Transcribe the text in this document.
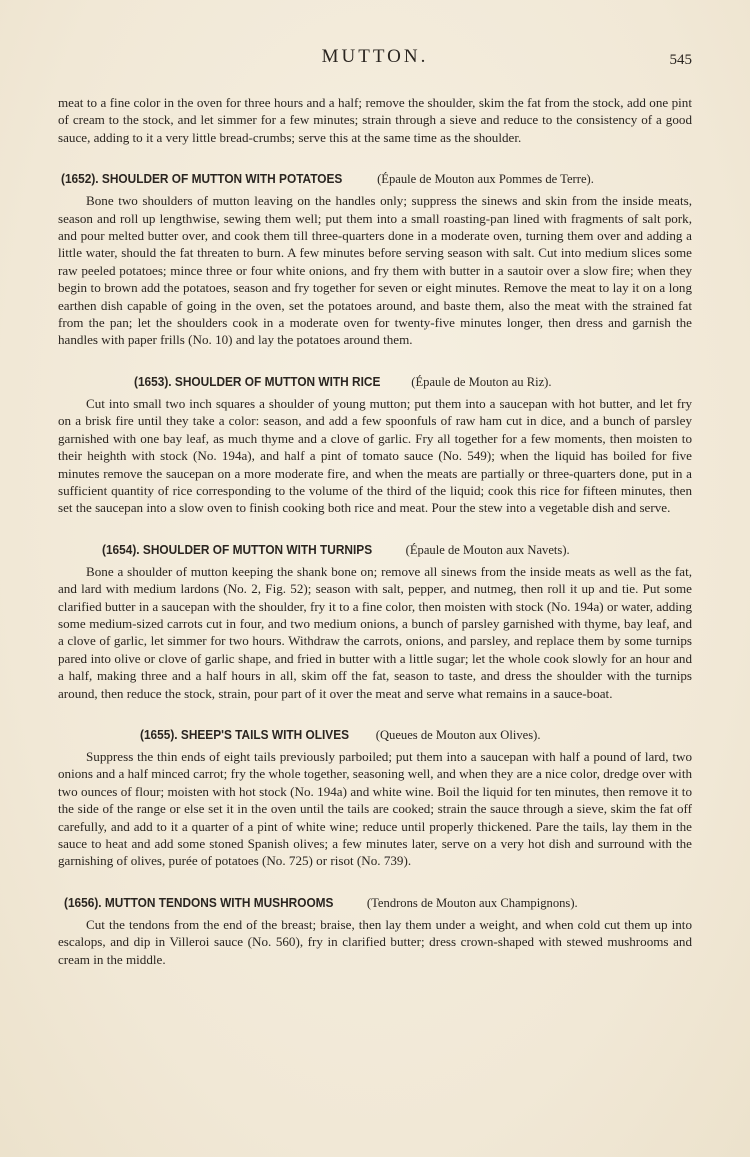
MUTTON.	545

meat to a fine color in the oven for three hours and a half; remove the shoulder, skim the fat from the stock, add one pint of cream to the stock, and let simmer for a few minutes; strain through a sieve and reduce to the consistency of a good sauce, adding to it a very little bread-crumbs; serve this at the same time as the shoulder.

(1652). SHOULDER OF MUTTON WITH POTATOES	(Épaule de Mouton aux Pommes de Terre).

Bone two shoulders of mutton leaving on the handles only; suppress the sinews and skin from the inside meats, season and roll up lengthwise, sewing them well; put them into a small roasting-pan lined with fragments of salt pork, and pour melted butter over, and cook them till three-quarters done in a moderate oven, turning them over and adding a little water, should the fat threaten to burn. A few minutes before serving season with salt. Cut into medium slices some raw peeled potatoes; mince three or four white onions, and fry them with butter in a sautoir over a slow fire; when they begin to brown add the potatoes, season and fry together for seven or eight minutes. Remove the meat to lay it on a long earthen dish capable of going in the oven, set the potatoes around, and baste them, also the meat with the strained fat from the pan; let the shoulders cook in a moderate oven for twenty-five minutes longer, then dress and garnish the handles with paper frills (No. 10) and lay the potatoes around them.

(1653). SHOULDER OF MUTTON WITH RICE (Épaule de Mouton au Riz).

Cut into small two inch squares a shoulder of young mutton; put them into a saucepan with hot butter, and let fry on a brisk fire until they take a color: season, and add a few spoonfuls of raw ham cut in dice, and a bunch of parsley garnished with one bay leaf, as much thyme and a clove of garlic. Fry all together for a few moments, then moisten to their heighth with stock (No. 194a), and half a pint of tomato sauce (No. 549); when the liquid has boiled for five minutes remove the saucepan on a more moderate fire, and when the meats are partially or three-quarters done, put in a sufficient quantity of rice corresponding to the volume of the third of the liquid; cook this rice for fifteen minutes, then set the saucepan into a slow oven to finish cooking both rice and meat. Pour the stew into a vegetable dish and serve.

(1654). SHOULDER OF MUTTON WITH TURNIPS	(Épaule de Mouton aux Navets).

Bone a shoulder of mutton keeping the shank bone on; remove all sinews from the inside meats as well as the fat, and lard with medium lardons (No. 2, Fig. 52); season with salt, pepper, and nutmeg, then roll it up and tie. Put some clarified butter in a saucepan with the shoulder, fry it to a fine color, then moisten with stock (No. 194a) or water, adding some medium-sized carrots cut in four, and two medium onions, a bunch of parsley garnished with thyme, bay leaf, and a clove of garlic, let simmer for two hours. Withdraw the carrots, onions, and parsley, and replace them by some turnips pared into olive or clove of garlic shape, and fried in butter with a little sugar; let the whole cook slowly for an hour and a half, making three and a half hours in all, skim off the fat, season to taste, and dress the shoulder with the turnips around, then reduce the stock, strain, pour part of it over the meat and serve what remains in a sauce-boat.

(1655). SHEEP'S TAILS WITH OLIVES (Queues de Mouton aux Olives).

Suppress the thin ends of eight tails previously parboiled; put them into a saucepan with half a pound of lard, two onions and a half minced carrot; fry the whole together, seasoning well, and when they are a nice color, dredge over with two ounces of flour; moisten with hot stock (No. 194a) and white wine. Boil the liquid for ten minutes, then remove it to the side of the range or else set it in the oven until the tails are cooked; strain the sauce through a sieve, skim the fat off carefully, and add to it a quarter of a pint of white wine; reduce until properly thickened. Pare the tails, lay them in the sauce to heat and add some stoned Spanish olives; a few minutes later, serve on a very hot dish and surround with the garnishing of olives, purée of potatoes (No. 725) or risot (No. 739).

(1656). MUTTON TENDONS WITH MUSHROOMS	(Tendrons de Mouton aux Champignons).

Cut the tendons from the end of the breast; braise, then lay them under a weight, and when cold cut them up into escalops, and dip in Villeroi sauce (No. 560), fry in clarified butter; dress crown-shaped with stewed mushrooms and cream in the middle.
